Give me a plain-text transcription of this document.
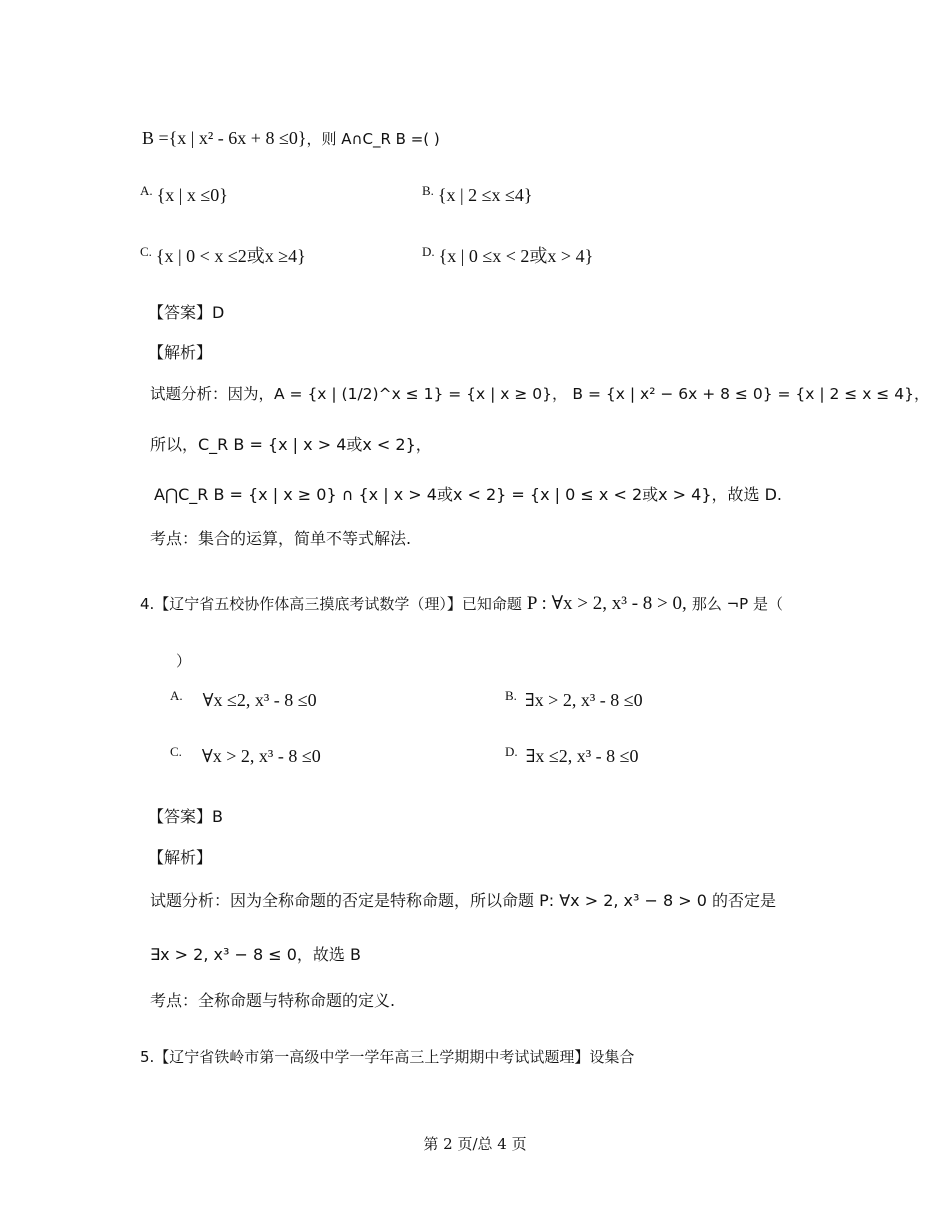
B ={x | x² - 6x + 8 ≤0}，则 A∩C_R B =( )
$^{A.}$ {x | x ≤0}	$^{B.}$ {x | 2 ≤x ≤4}
$^{C.}$ {x | 0 < x ≤2或x ≥4}	$^{D.}$ {x | 0 ≤x < 2或x > 4}
【答案】D
【解析】
试题分析：因为，A = {x | (1/2)^x ≤ 1} = {x | x ≥ 0}， B = {x | x² − 6x + 8 ≤ 0} = {x | 2 ≤ x ≤ 4}，
所以，C_R B = {x | x > 4或x < 2}，
A⋂C_R B = {x | x ≥ 0} ∩ {x | x > 4或x < 2} = {x | 0 ≤ x < 2或x > 4}，故选 D.
考点：集合的运算，简单不等式解法.
4.【辽宁省五校协作体高三摸底考试数学（理）】已知命题 P : ∀x > 2, x³ - 8 > 0, 那么 ¬P 是（
）
$^{A.}$ ∀x ≤2, x³ - 8 ≤0	$^{B.}$ ∃x > 2, x³ - 8 ≤0
$^{C.}$ ∀x > 2, x³ - 8 ≤0	$^{D.}$ ∃x ≤2, x³ - 8 ≤0
【答案】B
【解析】
试题分析：因为全称命题的否定是特称命题，所以命题 P: ∀x > 2, x³ − 8 > 0 的否定是
∃x > 2, x³ − 8 ≤ 0，故选 B
考点：全称命题与特称命题的定义.
5.【辽宁省铁岭市第一高级中学一学年高三上学期期中考试试题理】设集合
第 2 页/总 4 页
